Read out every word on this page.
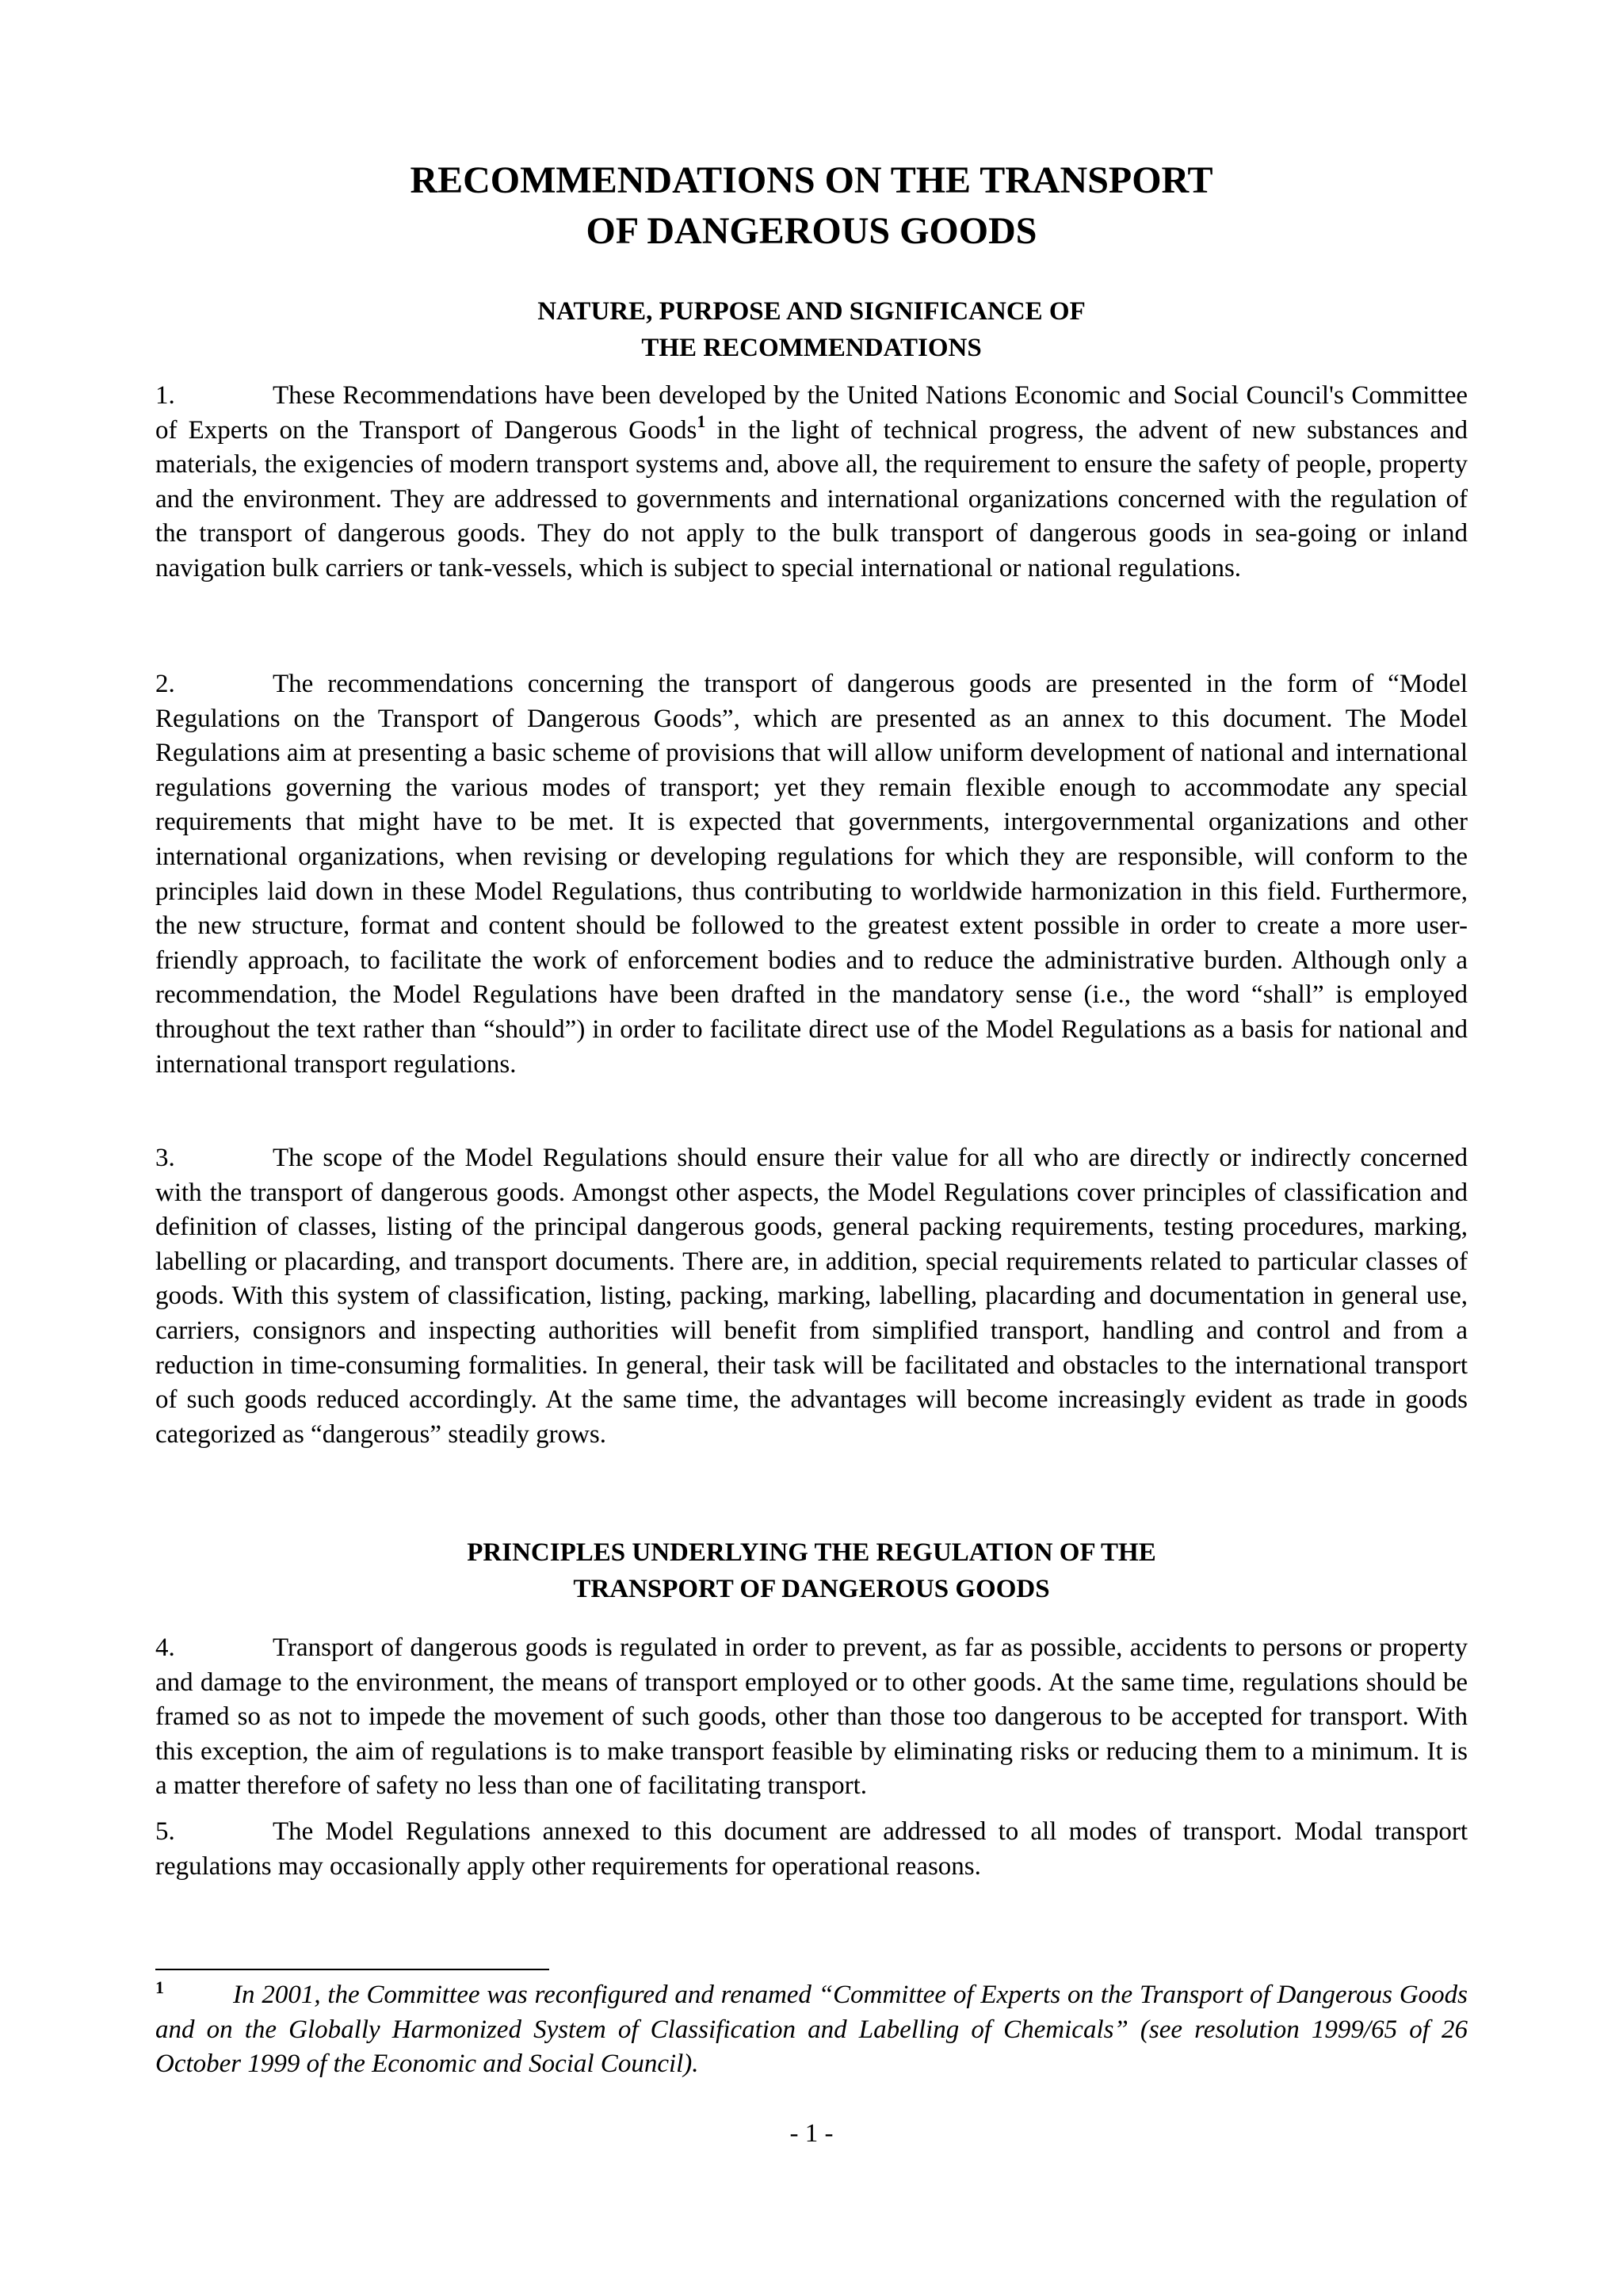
RECOMMENDATIONS ON THE TRANSPORT
OF DANGEROUS GOODS
NATURE, PURPOSE AND SIGNIFICANCE OF
THE RECOMMENDATIONS

1.	These Recommendations have been developed by the United Nations Economic and Social Council's Committee of Experts on the Transport of Dangerous Goods$^1$ in the light of technical progress, the advent of new substances and materials, the exigencies of modern transport systems and, above all, the requirement to ensure the safety of people, property and the environment. They are addressed to governments and international organizations concerned with the regulation of the transport of dangerous goods. They do not apply to the bulk transport of dangerous goods in sea-going or inland navigation bulk carriers or tank-vessels, which is subject to special international or national regulations.

2.	The recommendations concerning the transport of dangerous goods are presented in the form of “Model Regulations on the Transport of Dangerous Goods”, which are presented as an annex to this document. The Model Regulations aim at presenting a basic scheme of provisions that will allow uniform development of national and international regulations governing the various modes of transport; yet they remain flexible enough to accommodate any special requirements that might have to be met. It is expected that governments, intergovernmental organizations and other international organizations, when revising or developing regulations for which they are responsible, will conform to the principles laid down in these Model Regulations, thus contributing to worldwide harmonization in this field. Furthermore, the new structure, format and content should be followed to the greatest extent possible in order to create a more user-friendly approach, to facilitate the work of enforcement bodies and to reduce the administrative burden. Although only a recommendation, the Model Regulations have been drafted in the mandatory sense (i.e., the word “shall” is employed throughout the text rather than “should”) in order to facilitate direct use of the Model Regulations as a basis for national and international transport regulations.

3.	The scope of the Model Regulations should ensure their value for all who are directly or indirectly concerned with the transport of dangerous goods. Amongst other aspects, the Model Regulations cover principles of classification and definition of classes, listing of the principal dangerous goods, general packing requirements, testing procedures, marking, labelling or placarding, and transport documents. There are, in addition, special requirements related to particular classes of goods. With this system of classification, listing, packing, marking, labelling, placarding and documentation in general use, carriers, consignors and inspecting authorities will benefit from simplified transport, handling and control and from a reduction in time-consuming formalities. In general, their task will be facilitated and obstacles to the international transport of such goods reduced accordingly. At the same time, the advantages will become increasingly evident as trade in goods categorized as “dangerous” steadily grows.

PRINCIPLES UNDERLYING THE REGULATION OF THE
TRANSPORT OF DANGEROUS GOODS

4.	Transport of dangerous goods is regulated in order to prevent, as far as possible, accidents to persons or property and damage to the environment, the means of transport employed or to other goods. At the same time, regulations should be framed so as not to impede the movement of such goods, other than those too dangerous to be accepted for transport. With this exception, the aim of regulations is to make transport feasible by eliminating risks or reducing them to a minimum. It is a matter therefore of safety no less than one of facilitating transport.

5.	The Model Regulations annexed to this document are addressed to all modes of transport. Modal transport regulations may occasionally apply other requirements for operational reasons.

1	In 2001, the Committee was reconfigured and renamed “Committee of Experts on the Transport of Dangerous Goods and on the Globally Harmonized System of Classification and Labelling of Chemicals” (see resolution 1999/65 of 26 October 1999 of the Economic and Social Council).

- 1 -
